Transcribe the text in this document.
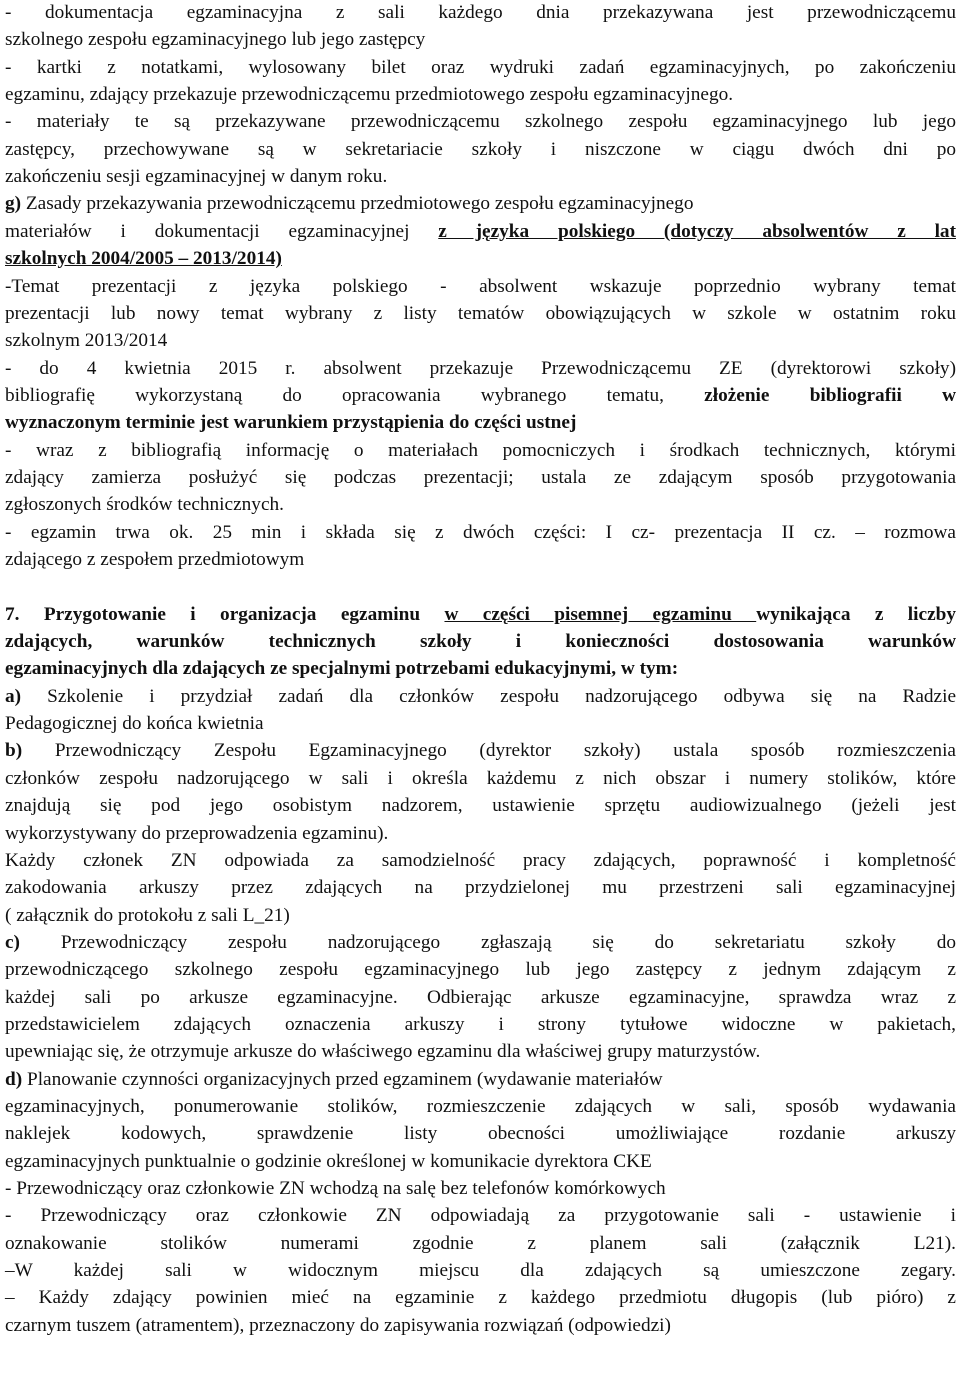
- dokumentacja egzaminacyjna z sali każdego dnia przekazywana jest przewodniczącemu
szkolnego zespołu egzaminacyjnego lub jego zastępcy
- kartki z notatkami, wylosowany bilet oraz wydruki zadań egzaminacyjnych, po zakończeniu
egzaminu, zdający przekazuje przewodniczącemu przedmiotowego zespołu egzaminacyjnego.
- materiały te są przekazywane przewodniczącemu szkolnego zespołu egzaminacyjnego lub jego
zastępcy, przechowywane są w sekretariacie szkoły i niszczone w ciągu dwóch dni po
zakończeniu sesji egzaminacyjnej w danym roku.
g) Zasady przekazywania przewodniczącemu przedmiotowego zespołu egzaminacyjnego
materiałów i dokumentacji egzaminacyjnej z języka polskiego (dotyczy absolwentów z lat
szkolnych 2004/2005 – 2013/2014)
-Temat prezentacji z języka polskiego - absolwent wskazuje poprzednio wybrany temat
prezentacji lub nowy temat wybrany z listy tematów obowiązujących w szkole w ostatnim roku
szkolnym 2013/2014
- do 4 kwietnia 2015 r. absolwent przekazuje Przewodniczącemu ZE (dyrektorowi szkoły)
bibliografię wykorzystaną do opracowania wybranego tematu, złożenie bibliografii w
wyznaczonym terminie jest warunkiem przystąpienia do części ustnej
- wraz z bibliografią informację o materiałach pomocniczych i środkach technicznych, którymi
zdający zamierza posłużyć się podczas prezentacji; ustala ze zdającym sposób przygotowania
zgłoszonych środków technicznych.
- egzamin trwa ok. 25 min i składa się z dwóch części: I cz- prezentacja II cz. – rozmowa
zdającego z zespołem przedmiotowym
7. Przygotowanie i organizacja egzaminu w części pisemnej egzaminu wynikająca z liczby
zdających, warunków technicznych szkoły i konieczności dostosowania warunków
egzaminacyjnych dla zdających ze specjalnymi potrzebami edukacyjnymi, w tym:
a) Szkolenie i przydział zadań dla członków zespołu nadzorującego odbywa się na Radzie
Pedagogicznej do końca kwietnia
b) Przewodniczący Zespołu Egzaminacyjnego (dyrektor szkoły) ustala sposób rozmieszczenia
członków zespołu nadzorującego w sali i określa każdemu z nich obszar i numery stolików, które
znajdują się pod jego osobistym nadzorem, ustawienie sprzętu audiowizualnego (jeżeli jest
wykorzystywany do przeprowadzenia egzaminu).
Każdy członek ZN odpowiada za samodzielność pracy zdających, poprawność i kompletność
zakodowania arkuszy przez zdających na przydzielonej mu przestrzeni sali egzaminacyjnej
( załącznik do protokołu z sali L_21)
c) Przewodniczący zespołu nadzorującego zgłaszają się do sekretariatu szkoły do
przewodniczącego szkolnego zespołu egzaminacyjnego lub jego zastępcy z jednym zdającym z
każdej sali po arkusze egzaminacyjne. Odbierając arkusze egzaminacyjne, sprawdza wraz z
przedstawicielem zdających oznaczenia arkuszy i strony tytułowe widoczne w pakietach,
upewniając się, że otrzymuje arkusze do właściwego egzaminu dla właściwej grupy maturzystów.
d) Planowanie czynności organizacyjnych przed egzaminem (wydawanie materiałów
egzaminacyjnych, ponumerowanie stolików, rozmieszczenie zdających w sali, sposób wydawania
naklejek kodowych, sprawdzenie listy obecności umożliwiające rozdanie arkuszy
egzaminacyjnych punktualnie o godzinie określonej w komunikacie dyrektora CKE
- Przewodniczący oraz członkowie ZN wchodzą na salę bez telefonów komórkowych
- Przewodniczący oraz członkowie ZN odpowiadają za przygotowanie sali - ustawienie i
oznakowanie stolików numerami zgodnie z planem sali (załącznik L21).
–W każdej sali w widocznym miejscu dla zdających są umieszczone zegary.
– Każdy zdający powinien mieć na egzaminie z każdego przedmiotu długopis (lub pióro) z
czarnym tuszem (atramentem), przeznaczony do zapisywania rozwiązań (odpowiedzi)
